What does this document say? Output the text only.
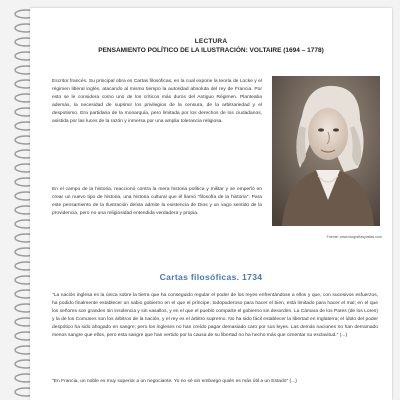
LECTURA
PENSAMIENTO POLÍTICO DE LA ILUSTRACIÓN: VOLTAIRE (1694 – 1778)

Escritor francés. Su principal obra es Cartas filosóficas, en la cual expone la teoría de Locke y el régimen liberal inglés, atacando al mismo tiempo la autoridad absoluta del rey de Francia. Por esto se le considera como uno de los críticos más duros del Antiguo Régimen. Planteaba además, la necesidad de suprimir los privilegios de la censura, de la arbitrariedad y el despotismo. Era partidaria de la monarquía, pero limitada por los derechos de los ciudadanos, asistida por las luces de la razón y inmersa por una amplia tolerancia religiosa.

En el campo de la historia, reaccionó contra la mera historia política y militar y se empeñó en crear un nuevo tipo de historia, una historia cultural que él llamó "filosofía de la historia". Para este pensamiento de la Ilustración deísta admite la existencia de Dios y un vago sentido de la providencia, pero no una religiosidad entendida verdadera y propia.

Fuente: www.biografiasyvidas.com
Cartas filosóficas. 1734

"La nación inglesa es la única sobre la tierra que ha conseguido regular el poder de los reyes enfrentándose a ellos y que, con sucesivos esfuerzos, ha podido finalmente establecer un sabio gobierno en el que el príncipe, todopoderoso para hacer el bien, está limitado para hacer el mal; en el que los señores son grandes sin insolencia y sin vasallos, y en el que el pueblo comparte el gobierno sin desorden. La Cámara de los Pares (de los Lores) y la de los Comunes son los árbitros de la nación, y el rey es el árbitro supremo. No ha sido fácil establecer la libertad en Inglaterra; el ídolo del poder despótico ha sido ahogado en sangre; pero los ingleses no han creído pagar demasiado caro por sus leyes. Las demás naciones no han derramado menos sangre que ellos, pero esta sangre que han vertido por la causa de su libertad no ha hecho más que cimentar su esclavitud." (...)

"En Francia, un noble es muy superior a un negociante. Yo no sé sin embargo quién es más útil a un Estado" (...)
